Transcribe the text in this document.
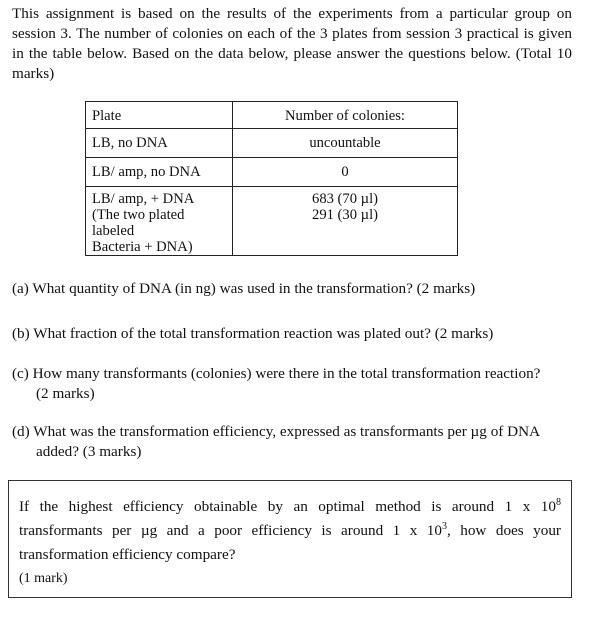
This assignment is based on the results of the experiments from a particular group on session 3. The number of colonies on each of the 3 plates from session 3 practical is given in the table below. Based on the data below, please answer the questions below. (Total 10 marks)
Plate	Number of colonies:

LB, no DNA	uncountable

LB/ amp, no DNA	0

LB/ amp, + DNA
(The two plated labeled
Bacteria + DNA)	683 (70 µl)
291 (30 µl)
(a) What quantity of DNA (in ng) was used in the transformation? (2 marks)
(b) What fraction of the total transformation reaction was plated out? (2 marks)
(c) How many transformants (colonies) were there in the total transformation reaction?
(2 marks)
(d) What was the transformation efficiency, expressed as transformants per µg of DNA
added? (3 marks)
If the highest efficiency obtainable by an optimal method is around 1 x $10^8$ transformants per µg and a poor efficiency is around 1 x $10^3$, how does your transformation efficiency compare?
(1 mark)
